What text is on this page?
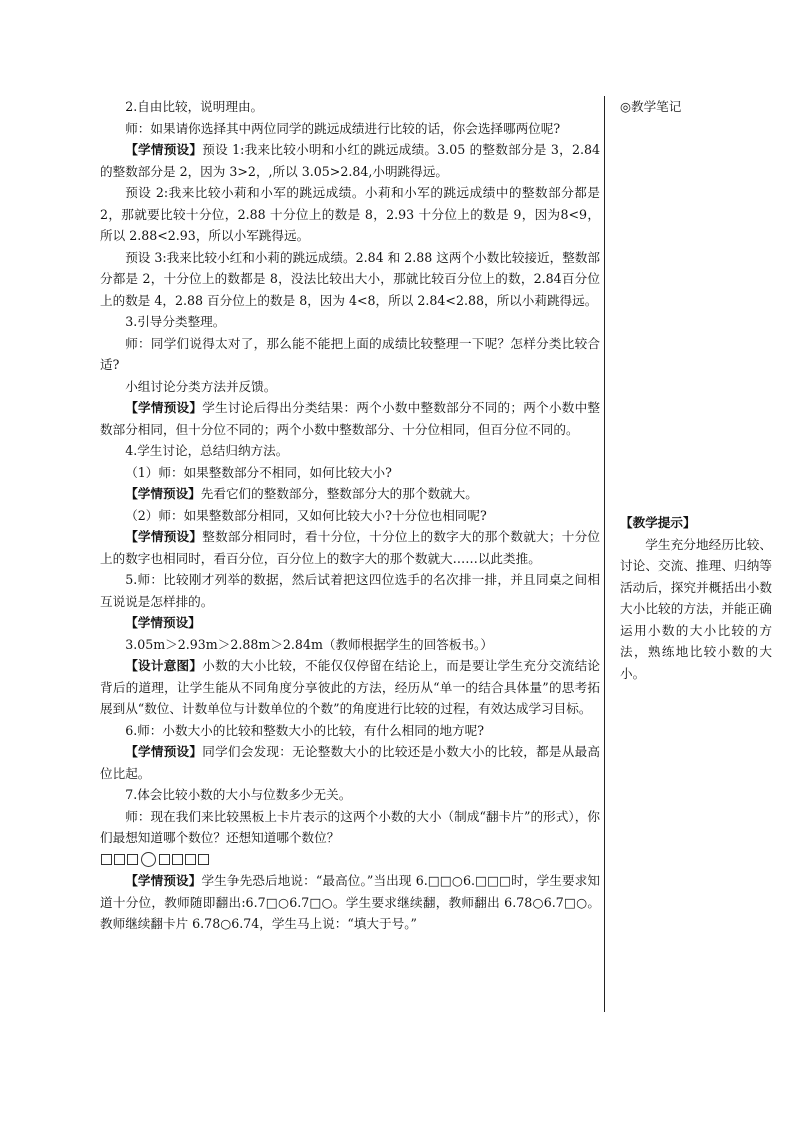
2.自由比较，说明理由。

师：如果请你选择其中两位同学的跳远成绩进行比较的话，你会选择哪两位呢?

【学情预设】预设 1:我来比较小明和小红的跳远成绩。3.05 的整数部分是 3，2.84 的整数部分是 2，因为 3>2，,所以 3.05>2.84,小明跳得远。

预设 2:我来比较小莉和小军的跳远成绩。小莉和小军的跳远成绩中的整数部分都是 2，那就要比较十分位，2.88 十分位上的数是 8，2.93 十分位上的数是 9，因为8<9，所以 2.88<2.93，所以小军跳得远。

预设 3:我来比较小红和小莉的跳远成绩。2.84 和 2.88 这两个小数比较接近，整数部分都是 2，十分位上的数都是 8，没法比较出大小，那就比较百分位上的数，2.84百分位上的数是 4，2.88 百分位上的数是 8，因为 4<8，所以 2.84<2.88，所以小莉跳得远。

3.引导分类整理。

师：同学们说得太对了，那么能不能把上面的成绩比较整理一下呢？怎样分类比较合适?

小组讨论分类方法并反馈。

【学情预设】学生讨论后得出分类结果：两个小数中整数部分不同的；两个小数中整数部分相同，但十分位不同的；两个小数中整数部分、十分位相同，但百分位不同的。

4.学生讨论，总结归纳方法。

（1）师：如果整数部分不相同，如何比较大小?

【学情预设】先看它们的整数部分，整数部分大的那个数就大。

（2）师：如果整数部分相同，又如何比较大小?十分位也相同呢?

【学情预设】整数部分相同时，看十分位，十分位上的数字大的那个数就大；十分位上的数字也相同时，看百分位，百分位上的数字大的那个数就大……以此类推。

5.师：比较刚才列举的数据，然后试着把这四位选手的名次排一排，并且同桌之间相互说说是怎样排的。

【学情预设】

3.05m＞2.93m＞2.88m＞2.84m（教师根据学生的回答板书。）

【设计意图】小数的大小比较，不能仅仅停留在结论上，而是要让学生充分交流结论背后的道理，让学生能从不同角度分享彼此的方法，经历从“单一的结合具体量”的思考拓展到从“数位、计数单位与计数单位的个数”的角度进行比较的过程，有效达成学习目标。

6.师：小数大小的比较和整数大小的比较，有什么相同的地方呢?

【学情预设】同学们会发现：无论整数大小的比较还是小数大小的比较，都是从最高位比起。

7.体会比较小数的大小与位数多少无关。

师：现在我们来比较黑板上卡片表示的这两个小数的大小（制成“翻卡片”的形式），你们最想知道哪个数位？还想知道哪个数位？

【学情预设】学生争先恐后地说：“最高位。”当出现 6.□□○6.□□□时，学生要求知道十分位，教师随即翻出:6.7□○6.7□○。学生要求继续翻，教师翻出 6.78○6.7□○。教师继续翻卡片 6.78○6.74，学生马上说：“填大于号。”

◎教学笔记
【教学提示】
学生充分地经历比较、讨论、交流、推理、归纳等活动后，探究并概括出小数大小比较的方法，并能正确运用小数的大小比较的方法，熟练地比较小数的大小。
